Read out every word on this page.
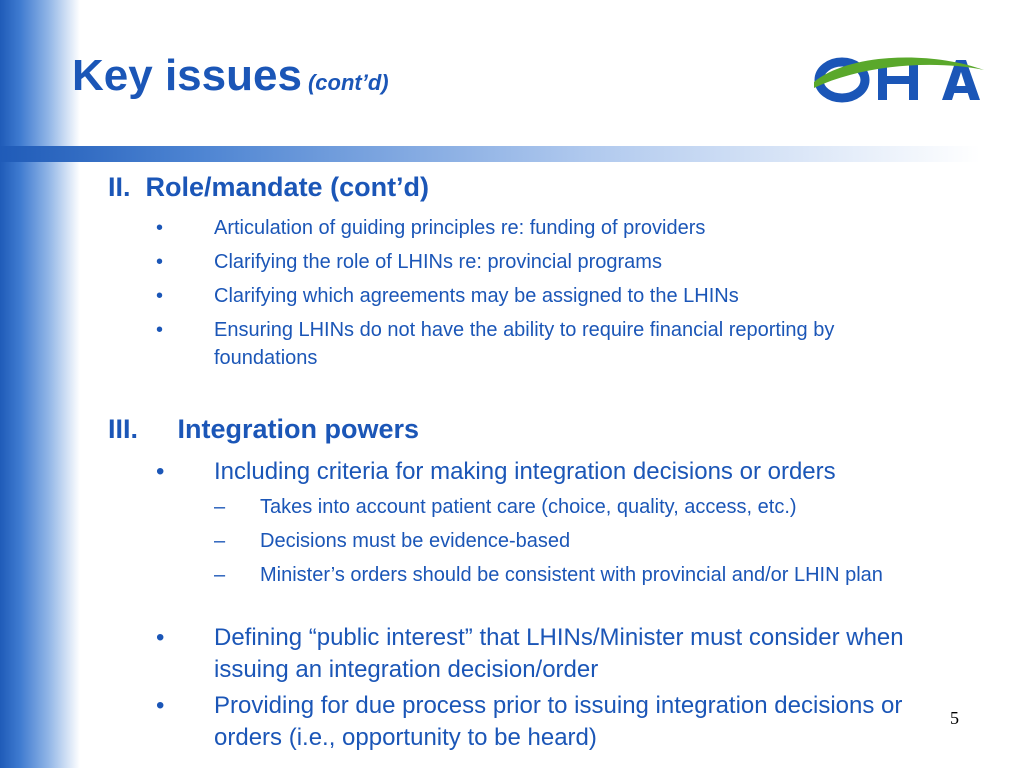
Key issues (cont’d)

II. Role/mandate (cont’d)

•	Articulation of guiding principles re: funding of providers
•	Clarifying the role of LHINs re: provincial programs
•	Clarifying which agreements may be assigned to the LHINs
•	Ensuring LHINs do not have the ability to require financial reporting by foundations

III. Integration powers

• Including criteria for making integration decisions or orders
– Takes into account patient care (choice, quality, access, etc.)
– Decisions must be evidence-based
– Minister’s orders should be consistent with provincial and/or LHIN plan
• Defining “public interest” that LHINs/Minister must consider when issuing an integration decision/order
• Providing for due process prior to issuing integration decisions or orders (i.e., opportunity to be heard)
5
